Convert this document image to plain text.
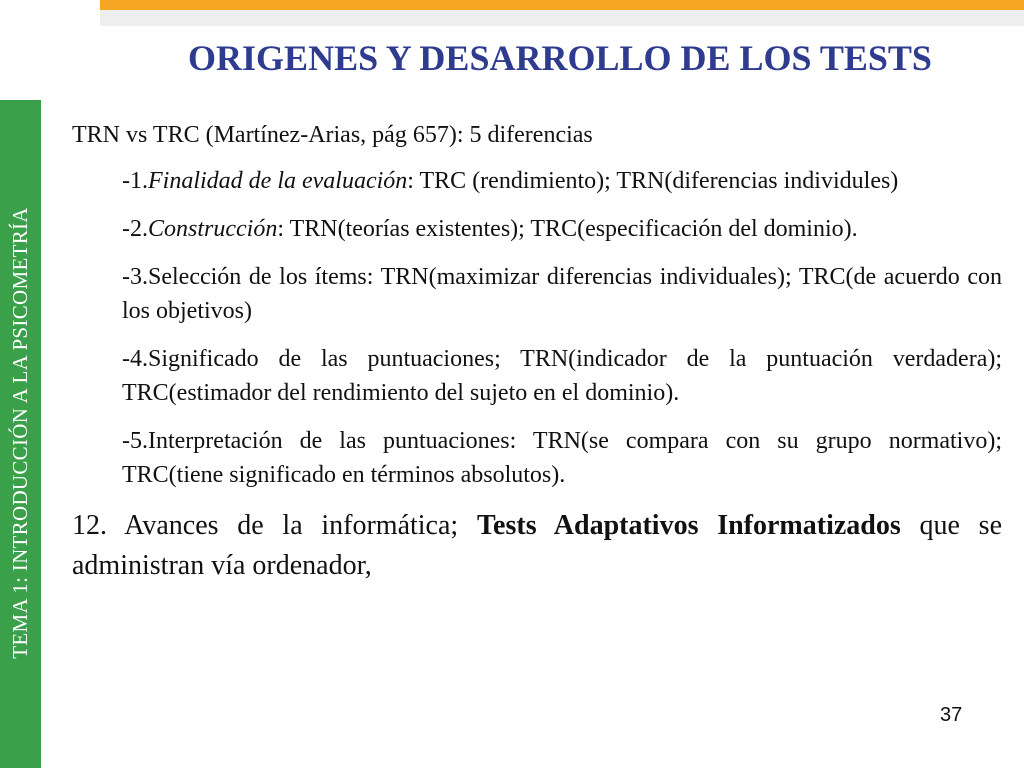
TEMA 1: INTRODUCCIÓN A LA PSICOMETRÍA
ORIGENES Y DESARROLLO DE LOS TESTS

TRN vs TRC (Martínez-Arias, pág 657): 5 diferencias

-1.Finalidad de la evaluación: TRC (rendimiento); TRN(diferencias individules)

-2.Construcción: TRN(teorías existentes); TRC(especificación del dominio).

-3.Selección de los ítems: TRN(maximizar diferencias individuales); TRC(de acuerdo con los objetivos)

-4.Significado de las puntuaciones; TRN(indicador de la puntuación verdadera); TRC(estimador del rendimiento del sujeto en el dominio).

-5.Interpretación de las puntuaciones: TRN(se compara con su grupo normativo); TRC(tiene significado en términos absolutos).

12. Avances de la informática; Tests Adaptativos Informatizados que se administran vía ordenador,

37
